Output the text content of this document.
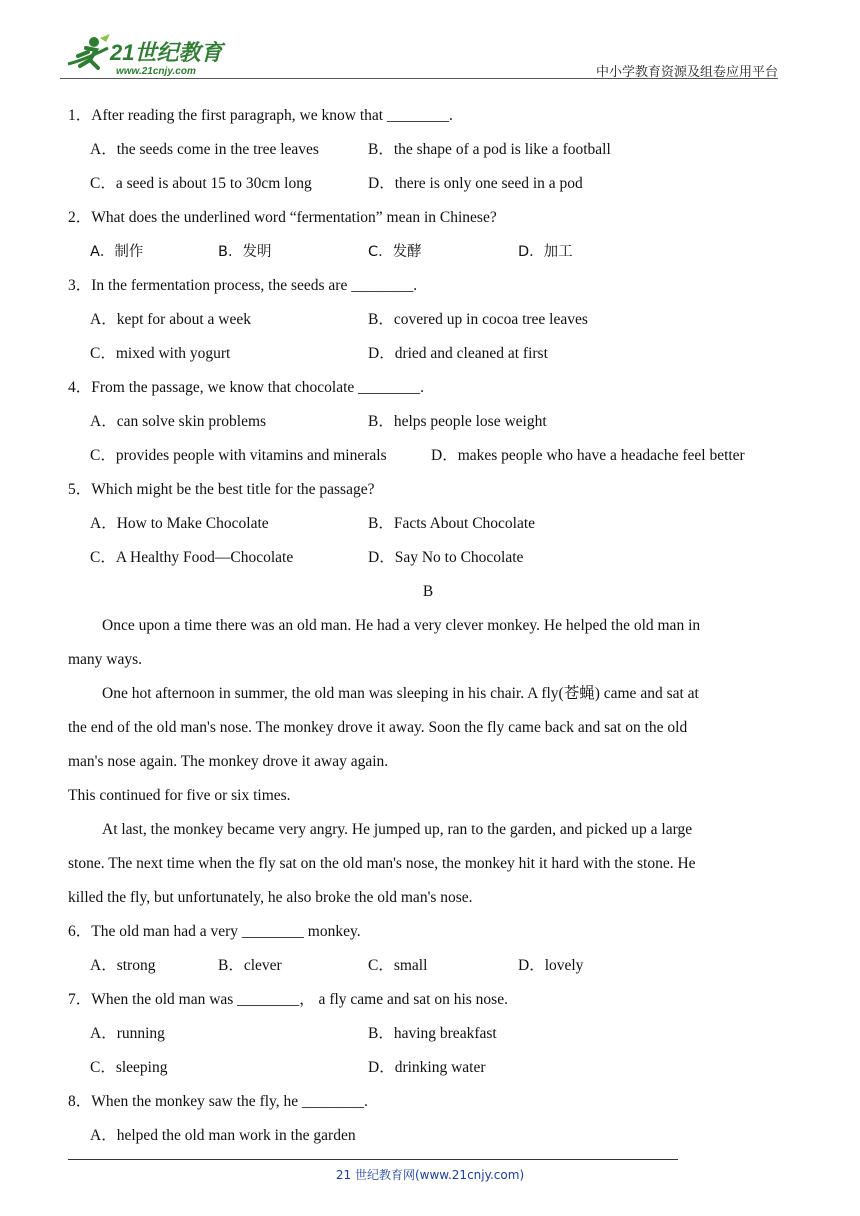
21世纪教育
www.21cnjy.com	中小学教育资源及组卷应用平台
1．After reading the first paragraph, we know that ________.
A．the seeds come in the tree leaves	B．the shape of a pod is like a football
C．a seed is about 15 to 30cm long	D．there is only one seed in a pod
2．What does the underlined word “fermentation” mean in Chinese?
A．制作	B．发明	C．发酵	D．加工
3．In the fermentation process, the seeds are ________.
A．kept for about a week	B．covered up in cocoa tree leaves
C．mixed with yogurt	D．dried and cleaned at first
4．From the passage, we know that chocolate ________.
A．can solve skin problems	B．helps people lose weight
C．provides people with vitamins and minerals	D．makes people who have a headache feel better
5．Which might be the best title for the passage?
A．How to Make Chocolate	B．Facts About Chocolate
C．A Healthy Food—Chocolate	D．Say No to Chocolate
B
Once upon a time there was an old man. He had a very clever monkey. He helped the old man in
many ways.
One hot afternoon in summer, the old man was sleeping in his chair. A fly(苍蝇) came and sat at
the end of the old man's nose. The monkey drove it away. Soon the fly came back and sat on the old
man's nose again. The monkey drove it away again.
This continued for five or six times.
At last, the monkey became very angry. He jumped up, ran to the garden, and picked up a large
stone. The next time when the fly sat on the old man's nose, the monkey hit it hard with the stone. He
killed the fly, but unfortunately, he also broke the old man's nose.
6．The old man had a very ________ monkey.
A．strong	B．clever	C．small	D．lovely
7．When the old man was ________， a fly came and sat on his nose.
A．running	B．having breakfast
C．sleeping	D．drinking water
8．When the monkey saw the fly, he ________.
A．helped the old man work in the garden
21 世纪教育网(www.21cnjy.com)
